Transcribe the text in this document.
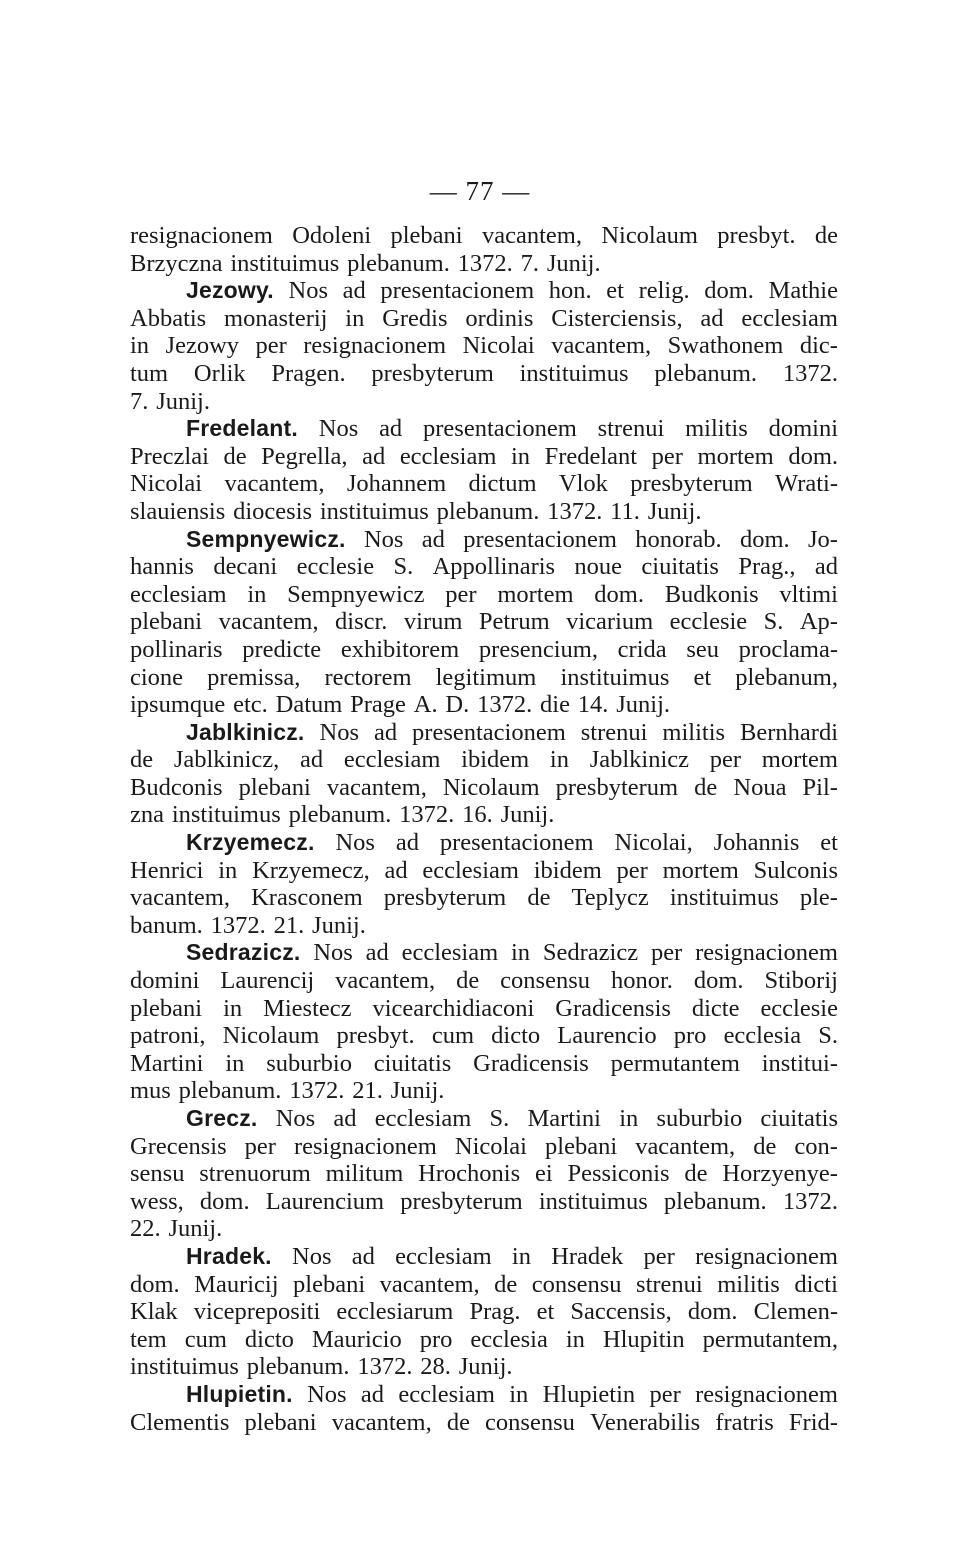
— 77 —
resignacionem Odoleni plebani vacantem, Nicolaum presbyt. de
Brzyczna instituimus plebanum. 1372. 7. Junij.
Jezowy. Nos ad presentacionem hon. et relig. dom. Mathie
Abbatis monasterij in Gredis ordinis Cisterciensis, ad ecclesiam
in Jezowy per resignacionem Nicolai vacantem, Swathonem dic-
tum Orlik Pragen. presbyterum instituimus plebanum. 1372.
7. Junij.
Fredelant. Nos ad presentacionem strenui militis domini
Preczlai de Pegrella, ad ecclesiam in Fredelant per mortem dom.
Nicolai vacantem, Johannem dictum Vlok presbyterum Wrati-
slauiensis diocesis instituimus plebanum. 1372. 11. Junij.
Sempnyewicz. Nos ad presentacionem honorab. dom. Jo-
hannis decani ecclesie S. Appollinaris noue ciuitatis Prag., ad
ecclesiam in Sempnyewicz per mortem dom. Budkonis vltimi
plebani vacantem, discr. virum Petrum vicarium ecclesie S. Ap-
pollinaris predicte exhibitorem presencium, crida seu proclama-
cione premissa, rectorem legitimum instituimus et plebanum,
ipsumque etc. Datum Prage A. D. 1372. die 14. Junij.
Jablkinicz. Nos ad presentacionem strenui militis Bernhardi
de Jablkinicz, ad ecclesiam ibidem in Jablkinicz per mortem
Budconis plebani vacantem, Nicolaum presbyterum de Noua Pil-
zna instituimus plebanum. 1372. 16. Junij.
Krzyemecz. Nos ad presentacionem Nicolai, Johannis et
Henrici in Krzyemecz, ad ecclesiam ibidem per mortem Sulconis
vacantem, Krasconem presbyterum de Teplycz instituimus ple-
banum. 1372. 21. Junij.
Sedrazicz. Nos ad ecclesiam in Sedrazicz per resignacionem
domini Laurencij vacantem, de consensu honor. dom. Stiborij
plebani in Miestecz vicearchidiaconi Gradicensis dicte ecclesie
patroni, Nicolaum presbyt. cum dicto Laurencio pro ecclesia S.
Martini in suburbio ciuitatis Gradicensis permutantem institui-
mus plebanum. 1372. 21. Junij.
Grecz. Nos ad ecclesiam S. Martini in suburbio ciuitatis
Grecensis per resignacionem Nicolai plebani vacantem, de con-
sensu strenuorum militum Hrochonis ei Pessiconis de Horzyenye-
wess, dom. Laurencium presbyterum instituimus plebanum. 1372.
22. Junij.
Hradek. Nos ad ecclesiam in Hradek per resignacionem
dom. Mauricij plebani vacantem, de consensu strenui militis dicti
Klak viceprepositi ecclesiarum Prag. et Saccensis, dom. Clemen-
tem cum dicto Mauricio pro ecclesia in Hlupitin permutantem,
instituimus plebanum. 1372. 28. Junij.
Hlupietin. Nos ad ecclesiam in Hlupietin per resignacionem
Clementis plebani vacantem, de consensu Venerabilis fratris Frid-
